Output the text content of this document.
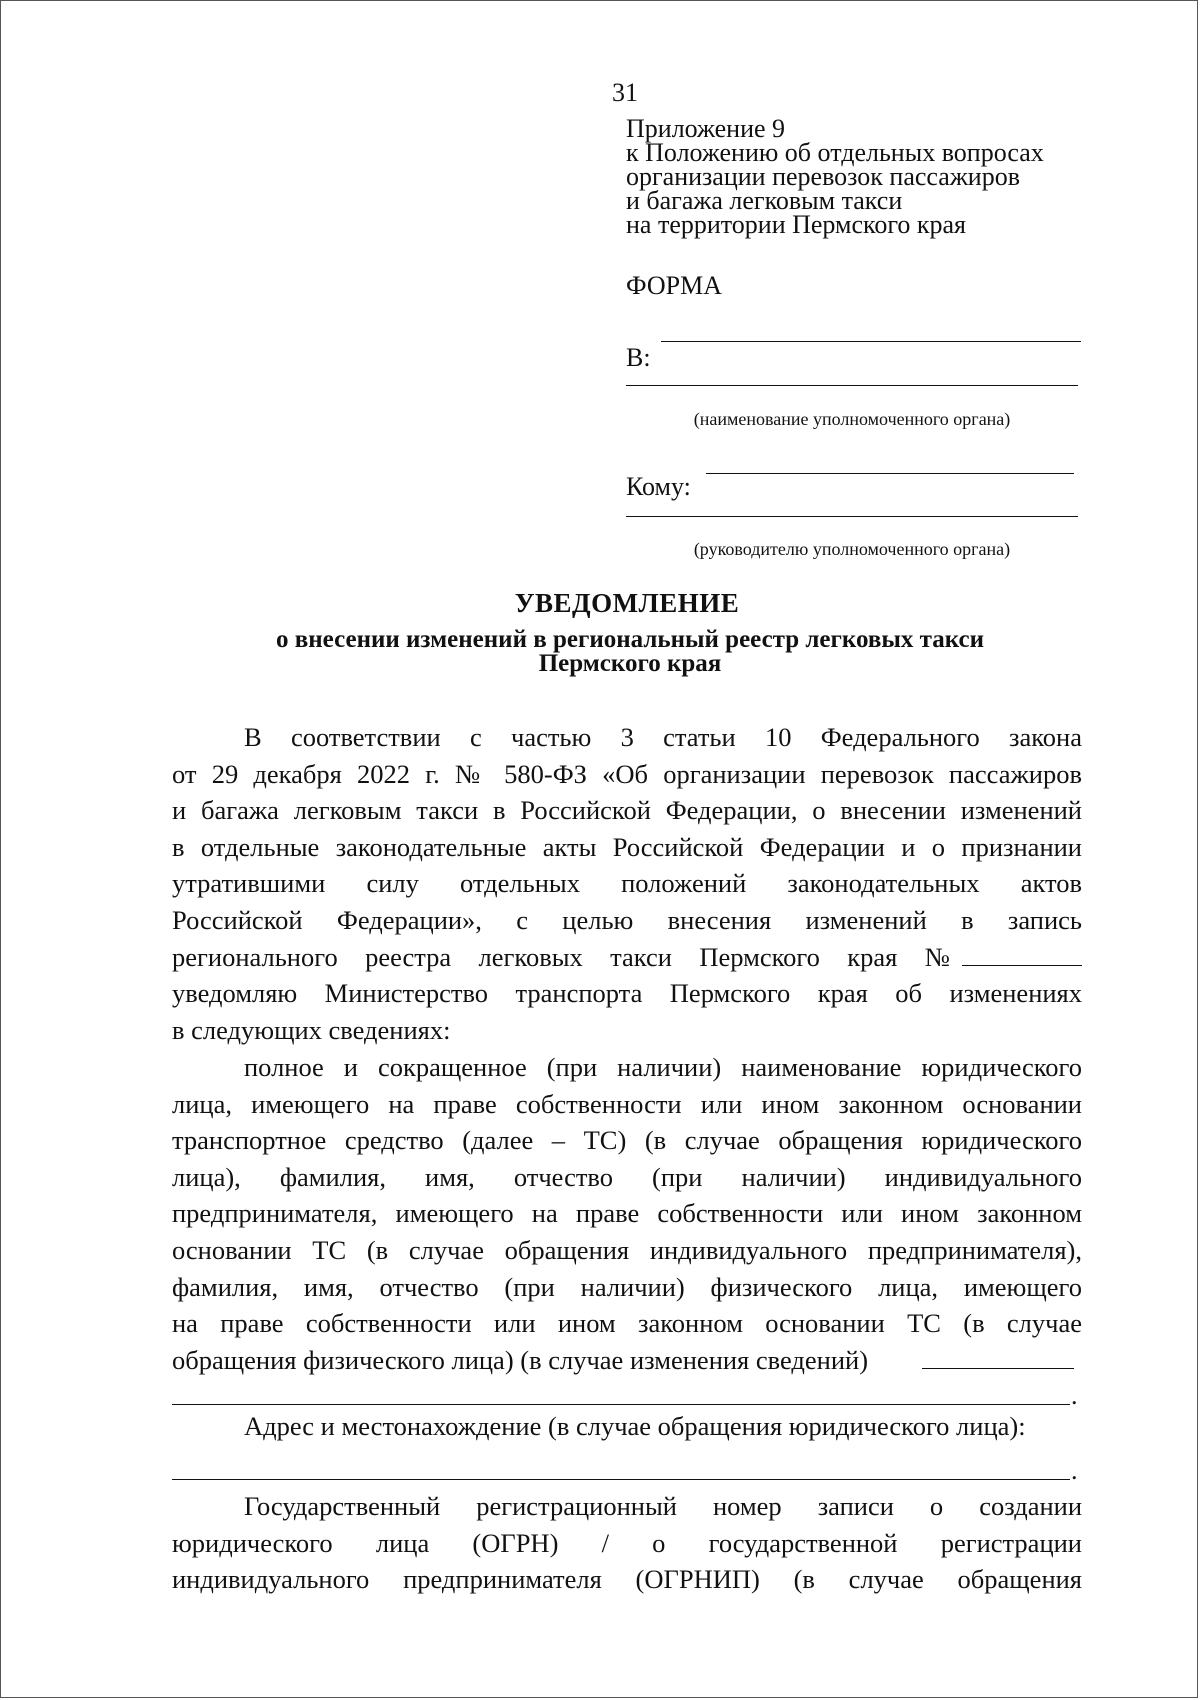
31
Приложение 9
к Положению об отдельных вопросах
организации перевозок пассажиров
и багажа легковым такси
на территории Пермского края
ФОРМА
В:
(наименование уполномоченного органа)
Кому:
(руководителю уполномоченного органа)
УВЕДОМЛЕНИЕ
о внесении изменений в региональный реестр легковых такси
Пермского края
В соответствии с частью 3 статьи 10 Федерального закона
от 29 декабря 2022 г. № 580-ФЗ «Об организации перевозок пассажиров
и багажа легковым такси в Российской Федерации, о внесении изменений
в отдельные законодательные акты Российской Федерации и о признании
утратившими силу отдельных положений законодательных актов
Российской Федерации», с целью внесения изменений в запись
регионального реестра легковых такси Пермского края №
уведомляю Министерство транспорта Пермского края об изменениях
в следующих сведениях:
полное и сокращенное (при наличии) наименование юридического
лица, имеющего на праве собственности или ином законном основании
транспортное средство (далее – ТС) (в случае обращения юридического
лица), фамилия, имя, отчество (при наличии) индивидуального
предпринимателя, имеющего на праве собственности или ином законном
основании ТС (в случае обращения индивидуального предпринимателя),
фамилия, имя, отчество (при наличии) физического лица, имеющего
на праве собственности или ином законном основании ТС (в случае
обращения физического лица) (в случае изменения сведений)
.
Адрес и местонахождение (в случае обращения юридического лица):
.
Государственный регистрационный номер записи о создании
юридического лица (ОГРН) / о государственной регистрации
индивидуального предпринимателя (ОГРНИП) (в случае обращения
